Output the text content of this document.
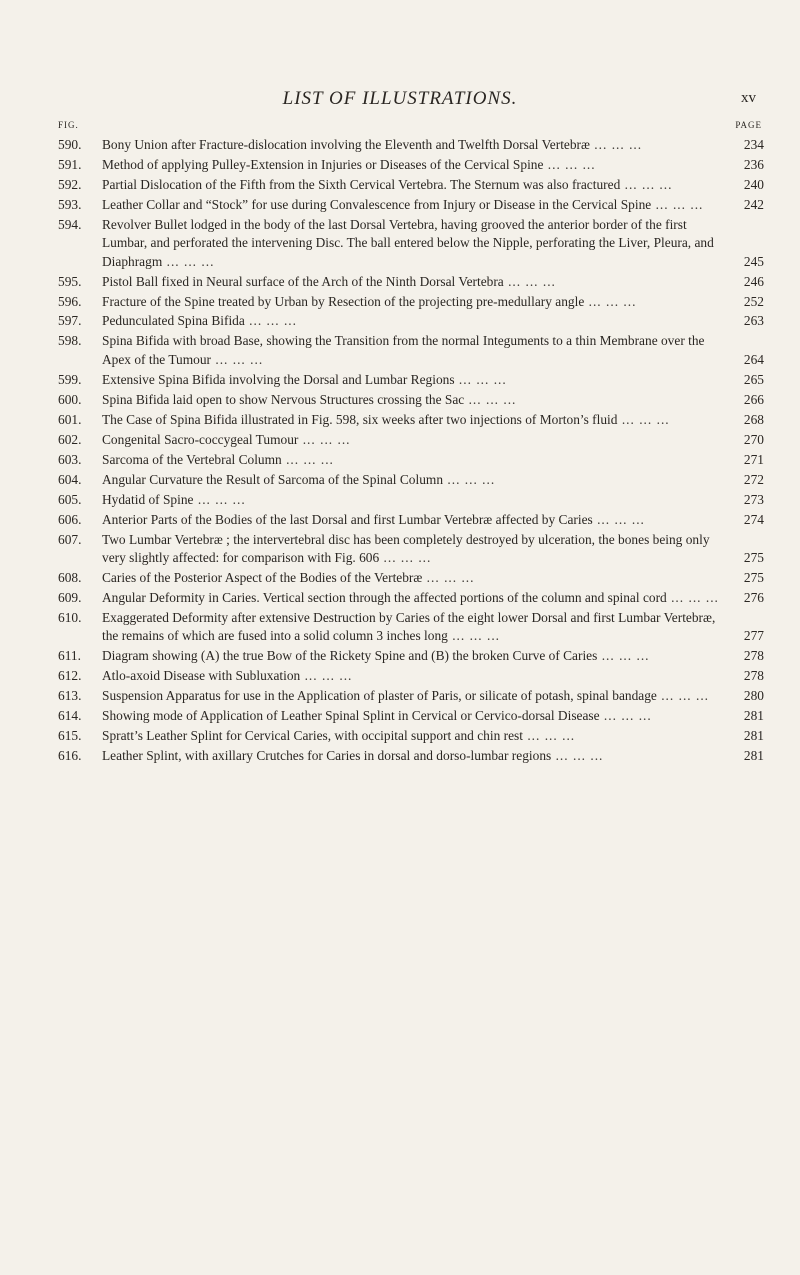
LIST OF ILLUSTRATIONS.	xv
FIG.	PAGE
590.	Bony Union after Fracture-dislocation involving the Eleventh and Twelfth Dorsal Vertebræ ... ... ...	234
591.	Method of applying Pulley-Extension in Injuries or Diseases of the Cervical Spine ... ... ...	236
592.	Partial Dislocation of the Fifth from the Sixth Cervical Vertebra. The Sternum was also fractured ... ... ...	240
593.	Leather Collar and “Stock” for use during Convalescence from Injury or Disease in the Cervical Spine ... ... ...	242
594.	Revolver Bullet lodged in the body of the last Dorsal Vertebra, having grooved the anterior border of the first Lumbar, and perforated the intervening Disc. The ball entered below the Nipple, perforating the Liver, Pleura, and Diaphragm ... ... ...	245
595.	Pistol Ball fixed in Neural surface of the Arch of the Ninth Dorsal Vertebra ... ... ...	246
596.	Fracture of the Spine treated by Urban by Resection of the projecting pre-medullary angle ... ... ...	252
597.	Pedunculated Spina Bifida ... ... ...	263
598.	Spina Bifida with broad Base, showing the Transition from the normal Integuments to a thin Membrane over the Apex of the Tumour ... ... ...	264
599.	Extensive Spina Bifida involving the Dorsal and Lumbar Regions ... ... ...	265
600.	Spina Bifida laid open to show Nervous Structures crossing the Sac ... ... ...	266
601.	The Case of Spina Bifida illustrated in Fig. 598, six weeks after two injections of Morton’s fluid ... ... ...	268
602.	Congenital Sacro-coccygeal Tumour ... ... ...	270
603.	Sarcoma of the Vertebral Column ... ... ...	271
604.	Angular Curvature the Result of Sarcoma of the Spinal Column ... ... ...	272
605.	Hydatid of Spine ... ... ...	273
606.	Anterior Parts of the Bodies of the last Dorsal and first Lumbar Vertebræ affected by Caries ... ... ...	274
607.	Two Lumbar Vertebræ ; the intervertebral disc has been completely destroyed by ulceration, the bones being only very slightly affected: for comparison with Fig. 606 ... ... ...	275
608.	Caries of the Posterior Aspect of the Bodies of the Vertebræ ... ... ...	275
609.	Angular Deformity in Caries. Vertical section through the affected portions of the column and spinal cord ... ... ...	276
610.	Exaggerated Deformity after extensive Destruction by Caries of the eight lower Dorsal and first Lumbar Vertebræ, the remains of which are fused into a solid column 3 inches long ... ... ...	277
611.	Diagram showing (A) the true Bow of the Rickety Spine and (B) the broken Curve of Caries ... ... ...	278
612.	Atlo-axoid Disease with Subluxation ... ... ...	278
613.	Suspension Apparatus for use in the Application of plaster of Paris, or silicate of potash, spinal bandage ... ... ...	280
614.	Showing mode of Application of Leather Spinal Splint in Cervical or Cervico-dorsal Disease ... ... ...	281
615.	Spratt’s Leather Splint for Cervical Caries, with occipital support and chin rest ... ... ...	281
616.	Leather Splint, with axillary Crutches for Caries in dorsal and dorso-lumbar regions ... ... ...	281
